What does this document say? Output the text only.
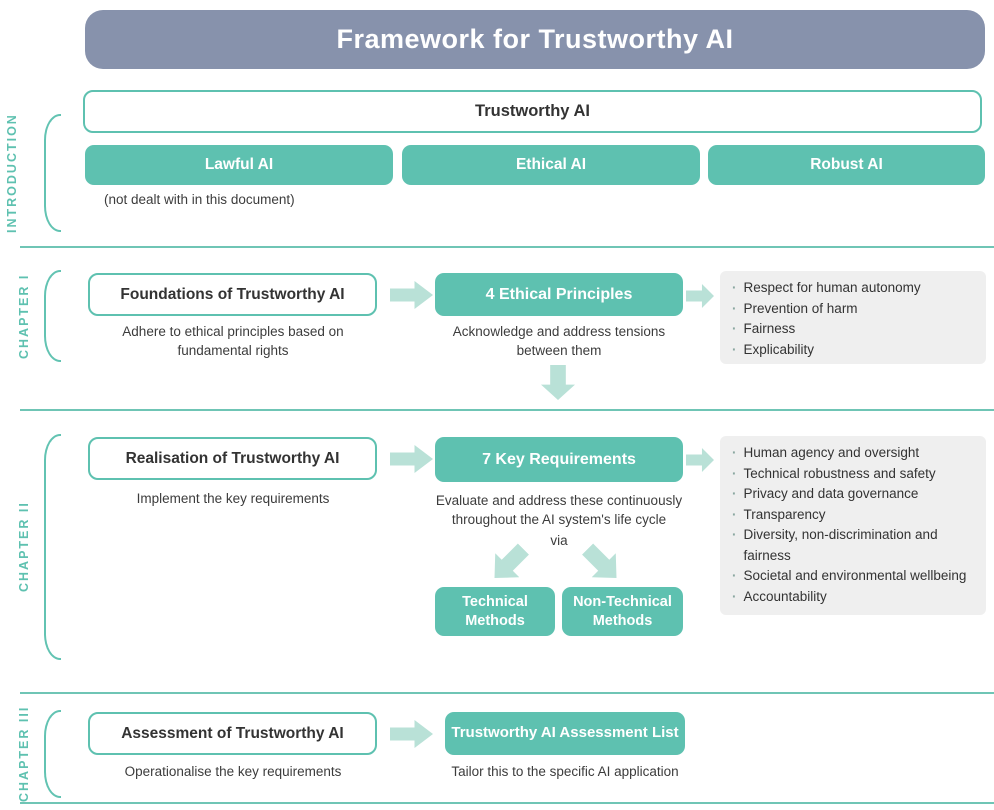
Framework for Trustworthy AI
INTRODUCTION
Trustworthy AI
Lawful AI	Ethical AI	Robust AI
(not dealt with in this document)
CHAPTER I	Foundations of Trustworthy AI
Adhere to ethical principles based on fundamental rights
4 Ethical Principles
Acknowledge and address tensions between them
· Respect for human autonomy
· Prevention of harm
· Fairness
· Explicability
CHAPTER II
Realisation of Trustworthy AI
Implement the key requirements
7 Key Requirements
Evaluate and address these continuously throughout the AI system's life cycle
via
Technical Methods
Non-Technical Methods
· Human agency and oversight
· Technical robustness and safety
· Privacy and data governance
· Transparency
· Diversity, non-discrimination and fairness
· Societal and environmental wellbeing
· Accountability
CHAPTER III	Assessment of Trustworthy AI
Operationalise the key requirements
Trustworthy AI Assessment List
Tailor this to the specific AI application
